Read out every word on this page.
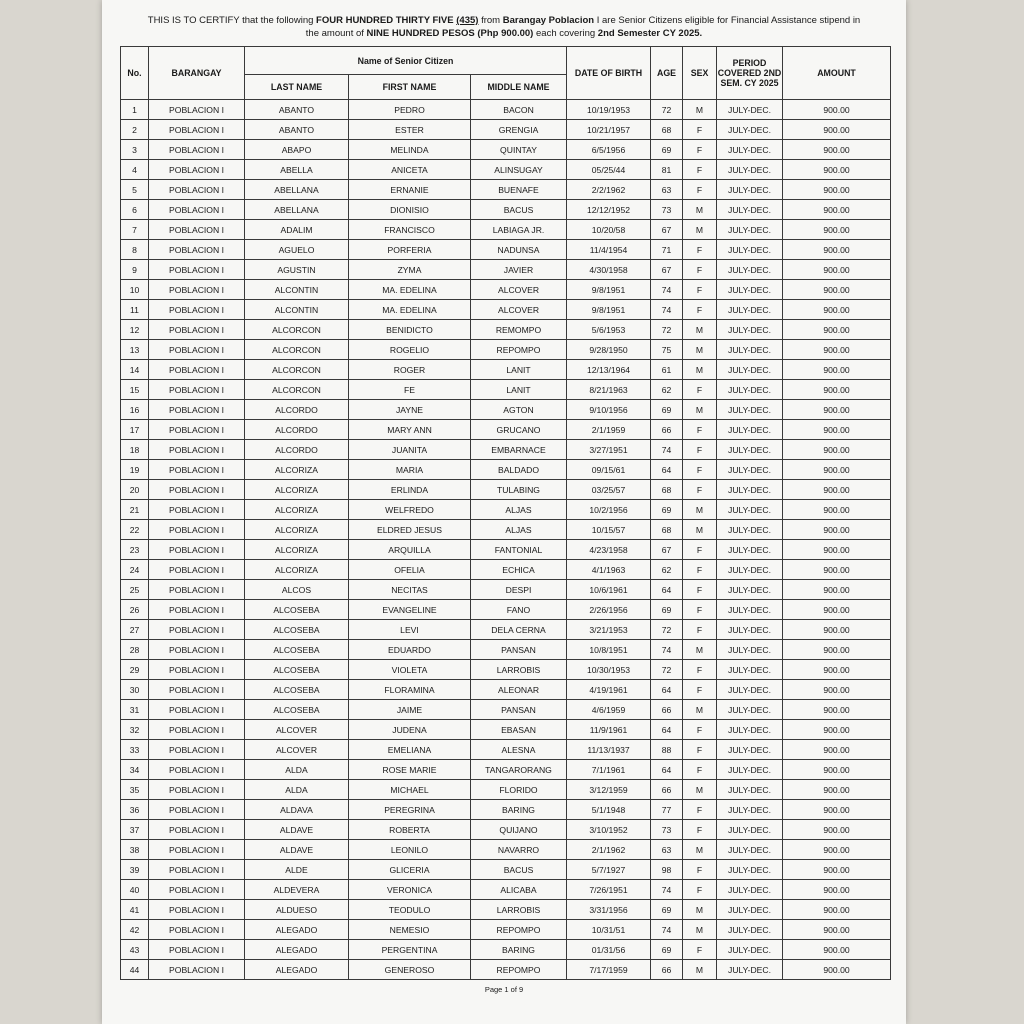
THIS IS TO CERTIFY that the following FOUR HUNDRED THIRTY FIVE (435) from Barangay Poblacion I are Senior Citizens eligible for Financial Assistance stipend in
the amount of NINE HUNDRED PESOS (Php 900.00) each covering 2nd Semester CY 2025.
No.	BARANGAY	Name of Senior Citizen			DATE OF BIRTH	AGE	SEX	PERIOD COVERED 2ND SEM. CY 2025	AMOUNT
		LAST NAME	FIRST NAME	MIDDLE NAME					
1	POBLACION I	ABANTO	PEDRO	BACON	10/19/1953	72	M	JULY-DEC.	900.00
2	POBLACION I	ABANTO	ESTER	GRENGIA	10/21/1957	68	F	JULY-DEC.	900.00
3	POBLACION I	ABAPO	MELINDA	QUINTAY	6/5/1956	69	F	JULY-DEC.	900.00
4	POBLACION I	ABELLA	ANICETA	ALINSUGAY	05/25/44	81	F	JULY-DEC.	900.00
5	POBLACION I	ABELLANA	ERNANIE	BUENAFE	2/2/1962	63	F	JULY-DEC.	900.00
6	POBLACION I	ABELLANA	DIONISIO	BACUS	12/12/1952	73	M	JULY-DEC.	900.00
7	POBLACION I	ADALIM	FRANCISCO	LABIAGA JR.	10/20/58	67	M	JULY-DEC.	900.00
8	POBLACION I	AGUELO	PORFERIA	NADUNSA	11/4/1954	71	F	JULY-DEC.	900.00
9	POBLACION I	AGUSTIN	ZYMA	JAVIER	4/30/1958	67	F	JULY-DEC.	900.00
10	POBLACION I	ALCONTIN	MA. EDELINA	ALCOVER	9/8/1951	74	F	JULY-DEC.	900.00
11	POBLACION I	ALCONTIN	MA. EDELINA	ALCOVER	9/8/1951	74	F	JULY-DEC.	900.00
12	POBLACION I	ALCORCON	BENIDICTO	REMOMPO	5/6/1953	72	M	JULY-DEC.	900.00
13	POBLACION I	ALCORCON	ROGELIO	REPOMPO	9/28/1950	75	M	JULY-DEC.	900.00
14	POBLACION I	ALCORCON	ROGER	LANIT	12/13/1964	61	M	JULY-DEC.	900.00
15	POBLACION I	ALCORCON	FE	LANIT	8/21/1963	62	F	JULY-DEC.	900.00
16	POBLACION I	ALCORDO	JAYNE	AGTON	9/10/1956	69	M	JULY-DEC.	900.00
17	POBLACION I	ALCORDO	MARY ANN	GRUCANO	2/1/1959	66	F	JULY-DEC.	900.00
18	POBLACION I	ALCORDO	JUANITA	EMBARNACE	3/27/1951	74	F	JULY-DEC.	900.00
19	POBLACION I	ALCORIZA	MARIA	BALDADO	09/15/61	64	F	JULY-DEC.	900.00
20	POBLACION I	ALCORIZA	ERLINDA	TULABING	03/25/57	68	F	JULY-DEC.	900.00
21	POBLACION I	ALCORIZA	WELFREDO	ALJAS	10/2/1956	69	M	JULY-DEC.	900.00
22	POBLACION I	ALCORIZA	ELDRED JESUS	ALJAS	10/15/57	68	M	JULY-DEC.	900.00
23	POBLACION I	ALCORIZA	ARQUILLA	FANTONIAL	4/23/1958	67	F	JULY-DEC.	900.00
24	POBLACION I	ALCORIZA	OFELIA	ECHICA	4/1/1963	62	F	JULY-DEC.	900.00
25	POBLACION I	ALCOS	NECITAS	DESPI	10/6/1961	64	F	JULY-DEC.	900.00
26	POBLACION I	ALCOSEBA	EVANGELINE	FANO	2/26/1956	69	F	JULY-DEC.	900.00
27	POBLACION I	ALCOSEBA	LEVI	DELA CERNA	3/21/1953	72	F	JULY-DEC.	900.00
28	POBLACION I	ALCOSEBA	EDUARDO	PANSAN	10/8/1951	74	M	JULY-DEC.	900.00
29	POBLACION I	ALCOSEBA	VIOLETA	LARROBIS	10/30/1953	72	F	JULY-DEC.	900.00
30	POBLACION I	ALCOSEBA	FLORAMINA	ALEONAR	4/19/1961	64	F	JULY-DEC.	900.00
31	POBLACION I	ALCOSEBA	JAIME	PANSAN	4/6/1959	66	M	JULY-DEC.	900.00
32	POBLACION I	ALCOVER	JUDENA	EBASAN	11/9/1961	64	F	JULY-DEC.	900.00
33	POBLACION I	ALCOVER	EMELIANA	ALESNA	11/13/1937	88	F	JULY-DEC.	900.00
34	POBLACION I	ALDA	ROSE MARIE	TANGARORANG	7/1/1961	64	F	JULY-DEC.	900.00
35	POBLACION I	ALDA	MICHAEL	FLORIDO	3/12/1959	66	M	JULY-DEC.	900.00
36	POBLACION I	ALDAVA	PEREGRINA	BARING	5/1/1948	77	F	JULY-DEC.	900.00
37	POBLACION I	ALDAVE	ROBERTA	QUIJANO	3/10/1952	73	F	JULY-DEC.	900.00
38	POBLACION I	ALDAVE	LEONILO	NAVARRO	2/1/1962	63	M	JULY-DEC.	900.00
39	POBLACION I	ALDE	GLICERIA	BACUS	5/7/1927	98	F	JULY-DEC.	900.00
40	POBLACION I	ALDEVERA	VERONICA	ALICABA	7/26/1951	74	F	JULY-DEC.	900.00
41	POBLACION I	ALDUESO	TEODULO	LARROBIS	3/31/1956	69	M	JULY-DEC.	900.00
42	POBLACION I	ALEGADO	NEMESIO	REPOMPO	10/31/51	74	M	JULY-DEC.	900.00
43	POBLACION I	ALEGADO	PERGENTINA	BARING	01/31/56	69	F	JULY-DEC.	900.00
44	POBLACION I	ALEGADO	GENEROSO	REPOMPO	7/17/1959	66	M	JULY-DEC.	900.00
Page 1 of 9
